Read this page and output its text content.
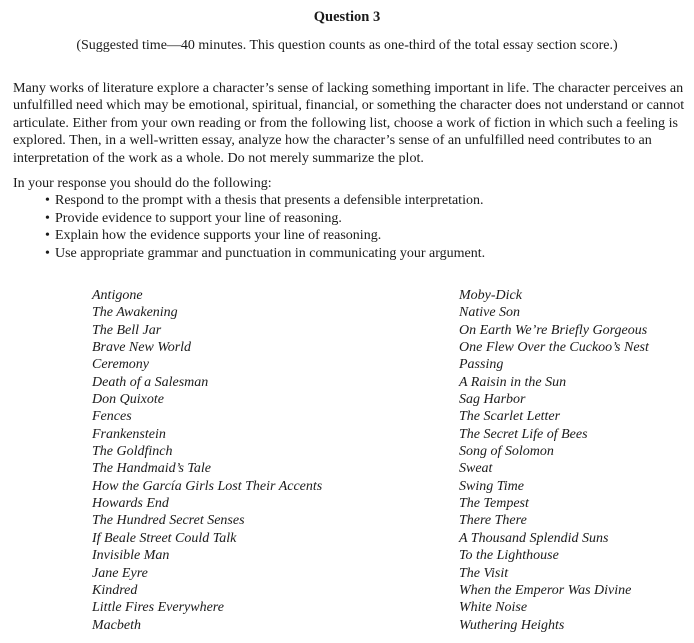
Question 3
(Suggested time—40 minutes. This question counts as one-third of the total essay section score.)

Many works of literature explore a character’s sense of lacking something important in life. The character perceives an unfulfilled need which may be emotional, spiritual, financial, or something the character does not understand or cannot articulate. Either from your own reading or from the following list, choose a work of fiction in which such a feeling is explored. Then, in a well-written essay, analyze how the character’s sense of an unfulfilled need contributes to an interpretation of the work as a whole. Do not merely summarize the plot.

In your response you should do the following:
• Respond to the prompt with a thesis that presents a defensible interpretation.
• Provide evidence to support your line of reasoning.
• Explain how the evidence supports your line of reasoning.
• Use appropriate grammar and punctuation in communicating your argument.
Antigone
The Awakening
The Bell Jar
Brave New World
Ceremony
Death of a Salesman
Don Quixote
Fences
Frankenstein
The Goldfinch
The Handmaid’s Tale
How the García Girls Lost Their Accents
Howards End
The Hundred Secret Senses
If Beale Street Could Talk
Invisible Man
Jane Eyre
Kindred
Little Fires Everywhere
Macbeth
Moby-Dick
Native Son
On Earth We’re Briefly Gorgeous
One Flew Over the Cuckoo’s Nest
Passing
A Raisin in the Sun
Sag Harbor
The Scarlet Letter
The Secret Life of Bees
Song of Solomon
Sweat
Swing Time
The Tempest
There There
A Thousand Splendid Suns
To the Lighthouse
The Visit
When the Emperor Was Divine
White Noise
Wuthering Heights
